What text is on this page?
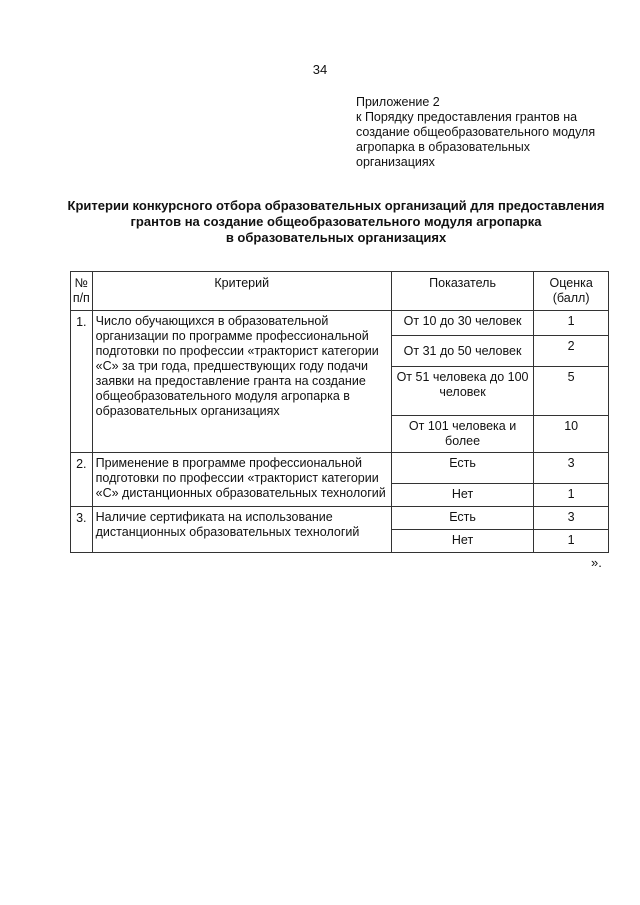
34
Приложение 2
к Порядку предоставления грантов на
создание общеобразовательного модуля
агропарка в образовательных
организациях
Критерии конкурсного отбора образовательных организаций для предоставления
грантов на создание общеобразовательного модуля агропарка
в образовательных организациях
№ п/п	Критерий	Показатель	Оценка (балл)
1.	Число обучающихся в образовательной организации по программе профессиональной подготовки по профессии «тракторист категории «С» за три года, предшествующих году подачи заявки на предоставление гранта на создание общеобразовательного модуля агропарка в образовательных организациях	От 10 до 30 человек	1
		От 31 до 50 человек	2
		От 51 человека до 100 человек	5
		От 101 человека и более	10
2.	Применение в программе профессиональной подготовки по профессии «тракторист категории «С» дистанционных образовательных технологий	Есть	3
		Нет	1
3.	Наличие сертификата на использование дистанционных образовательных технологий	Есть	3
		Нет	1
».
